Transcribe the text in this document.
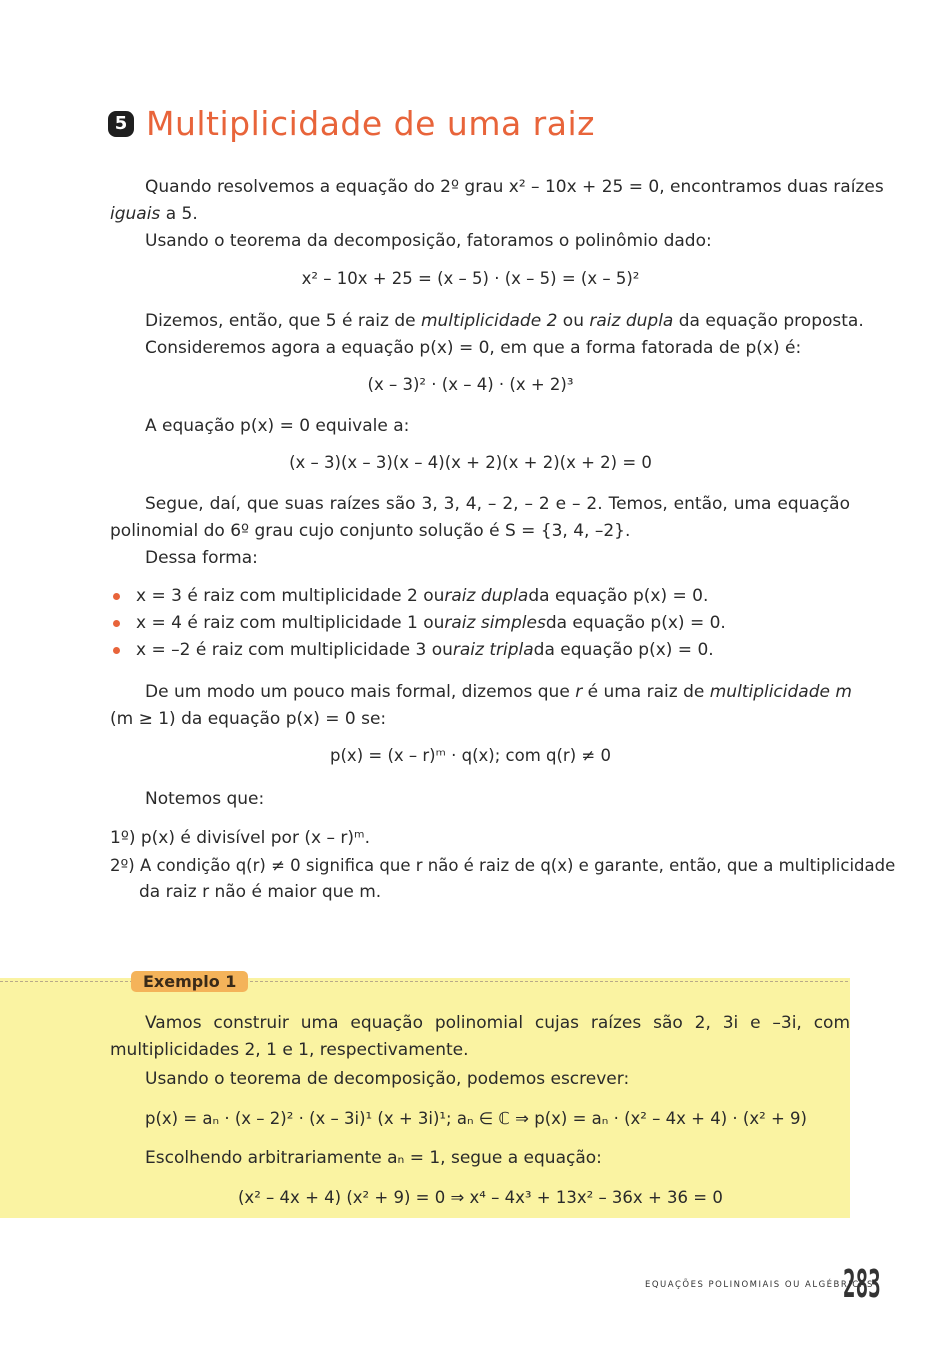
5 Multiplicidade de uma raiz
Quando resolvemos a equação do 2º grau x² – 10x + 25 = 0, encontramos duas raízes
iguais a 5.
Usando o teorema da decomposição, fatoramos o polinômio dado:
x² – 10x + 25 = (x – 5) · (x – 5) = (x – 5)²
Dizemos, então, que 5 é raiz de multiplicidade 2 ou raiz dupla da equação proposta.
Consideremos agora a equação p(x) = 0, em que a forma fatorada de p(x) é:
(x – 3)² · (x – 4) · (x + 2)³
A equação p(x) = 0 equivale a:
(x – 3)(x – 3)(x – 4)(x + 2)(x + 2)(x + 2) = 0
Segue, daí, que suas raízes são 3, 3, 4, – 2, – 2 e – 2. Temos, então, uma equação polinomial do 6º grau cujo conjunto solução é S = {3, 4, –2}.
Dessa forma:
x = 3 é raiz com multiplicidade 2 ou raiz dupla da equação p(x) = 0.
x = 4 é raiz com multiplicidade 1 ou raiz simples da equação p(x) = 0.
x = –2 é raiz com multiplicidade 3 ou raiz tripla da equação p(x) = 0.
De um modo um pouco mais formal, dizemos que r é uma raiz de multiplicidade m
(m ≥ 1) da equação p(x) = 0 se:
p(x) = (x – r)ᵐ · q(x); com q(r) ≠ 0
Notemos que:
1º) p(x) é divisível por (x – r)ᵐ.
2º) A condição q(r) ≠ 0 significa que r não é raiz de q(x) e garante, então, que a multiplicidade
da raiz r não é maior que m.
Exemplo 1
Vamos construir uma equação polinomial cujas raízes são 2, 3i e –3i, com multiplicidades 2, 1 e 1, respectivamente.
Usando o teorema de decomposição, podemos escrever:
p(x) = aₙ · (x – 2)² · (x – 3i)¹ (x + 3i)¹; aₙ ∈ ℂ ⇒ p(x) = aₙ · (x² – 4x + 4) · (x² + 9)
Escolhendo arbitrariamente aₙ = 1, segue a equação:
(x² – 4x + 4) (x² + 9) = 0 ⇒ x⁴ – 4x³ + 13x² – 36x + 36 = 0
EQUAÇÕES POLINOMIAIS OU ALGÉBRICAS
283
